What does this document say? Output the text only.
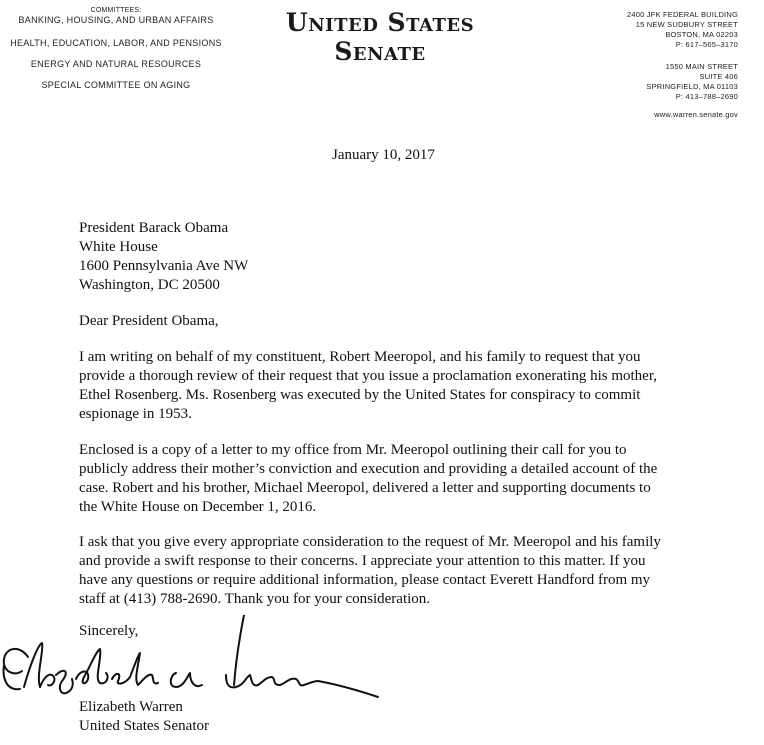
COMMITTEES:
BANKING, HOUSING, AND URBAN AFFAIRS
HEALTH, EDUCATION, LABOR, AND PENSIONS
ENERGY AND NATURAL RESOURCES
SPECIAL COMMITTEE ON AGING
United States Senate
2400 JFK FEDERAL BUILDING
15 NEW SUDBURY STREET
BOSTON, MA 02203
P: 617–565–3170
1550 MAIN STREET
SUITE 406
SPRINGFIELD, MA 01103
P: 413–788–2690
www.warren.senate.gov
January 10, 2017
President Barack Obama
White House
1600 Pennsylvania Ave NW
Washington, DC 20500
Dear President Obama,
I am writing on behalf of my constituent, Robert Meeropol, and his family to request that you
provide a thorough review of their request that you issue a proclamation exonerating his mother,
Ethel Rosenberg. Ms. Rosenberg was executed by the United States for conspiracy to commit
espionage in 1953.
Enclosed is a copy of a letter to my office from Mr. Meeropol outlining their call for you to
publicly address their mother’s conviction and execution and providing a detailed account of the
case. Robert and his brother, Michael Meeropol, delivered a letter and supporting documents to
the White House on December 1, 2016.
I ask that you give every appropriate consideration to the request of Mr. Meeropol and his family
and provide a swift response to their concerns. I appreciate your attention to this matter. If you
have any questions or require additional information, please contact Everett Handford from my
staff at (413) 788-2690. Thank you for your consideration.
Sincerely,
Elizabeth Warren
United States Senator
